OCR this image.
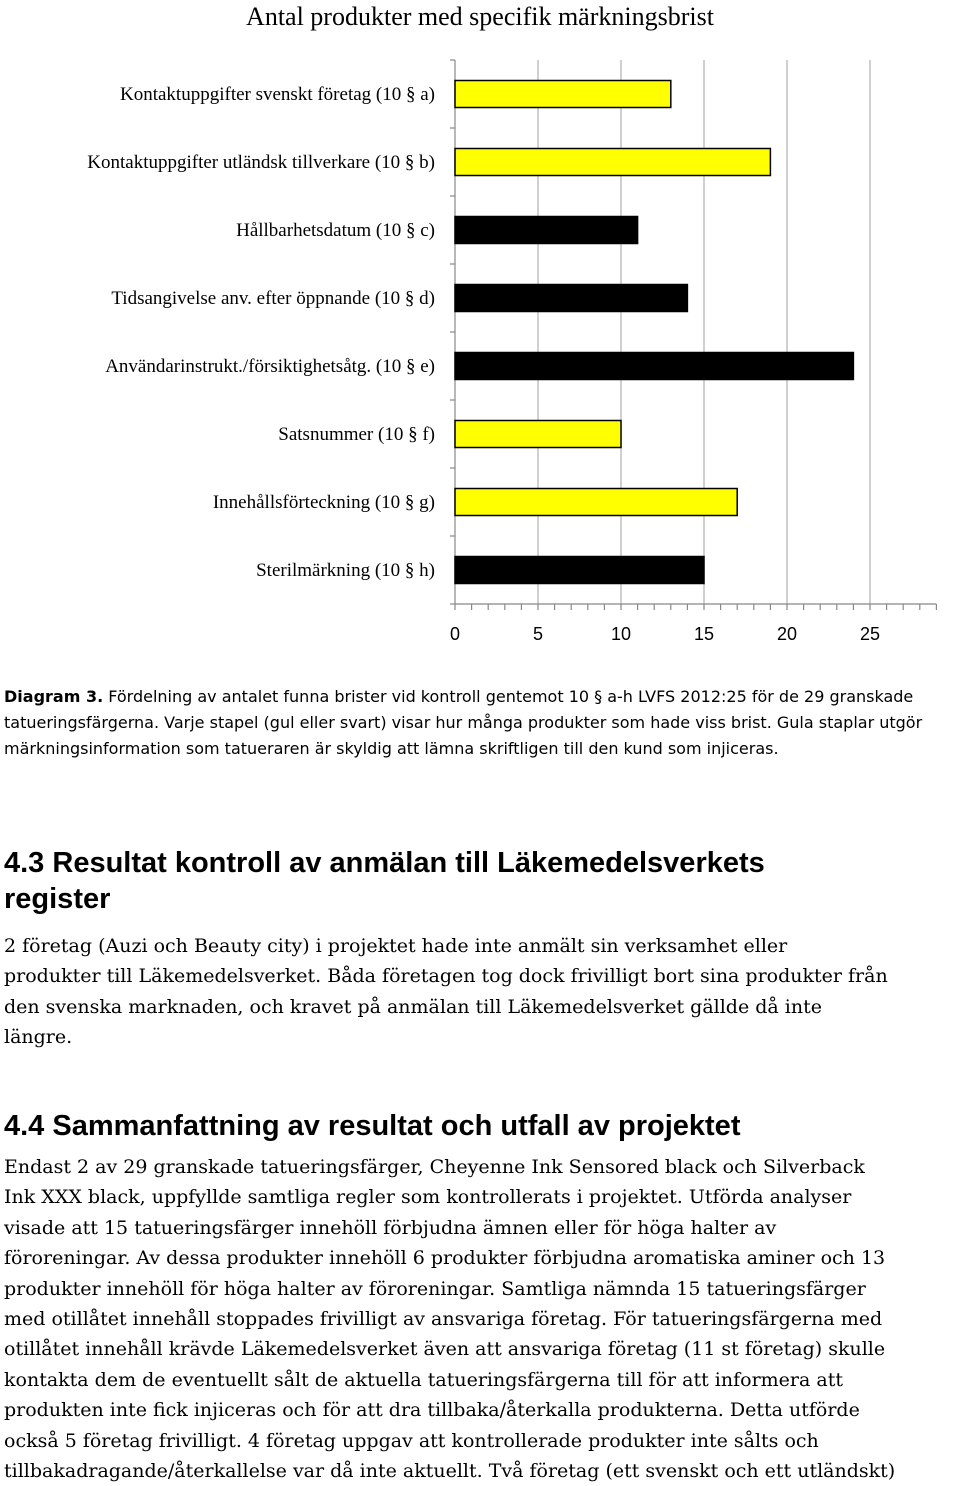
Antal produkter med specifik märkningsbrist
Kontaktuppgifter svenskt företag (10 § a)
Kontaktuppgifter utländsk tillverkare (10 § b)
Hållbarhetsdatum (10 § c)
Tidsangivelse anv. efter öppnande (10 § d)
Användarinstrukt./försiktighetsåtg. (10 § e)
Satsnummer (10 § f)
Innehållsförteckning (10 § g)
Sterilmärkning (10 § h)
0	5	10	15	20	25
Diagram 3. Fördelning av antalet funna brister vid kontroll gentemot 10 § a-h LVFS 2012:25 för de 29 granskade tatueringsfärgerna. Varje stapel (gul eller svart) visar hur många produkter som hade viss brist. Gula staplar utgör märkningsinformation som tatueraren är skyldig att lämna skriftligen till den kund som injiceras.

4.3 Resultat kontroll av anmälan till Läkemedelsverkets
register

2 företag (Auzi och Beauty city) i projektet hade inte anmält sin verksamhet eller

produkter till Läkemedelsverket. Båda företagen tog dock frivilligt bort sina produkter från

den svenska marknaden, och kravet på anmälan till Läkemedelsverket gällde då inte

längre.

4.4 Sammanfattning av resultat och utfall av projektet

Endast 2 av 29 granskade tatueringsfärger, Cheyenne Ink Sensored black och Silverback

Ink XXX black, uppfyllde samtliga regler som kontrollerats i projektet. Utförda analyser

visade att 15 tatueringsfärger innehöll förbjudna ämnen eller för höga halter av

föroreningar. Av dessa produkter innehöll 6 produkter förbjudna aromatiska aminer och 13

produkter innehöll för höga halter av föroreningar. Samtliga nämnda 15 tatueringsfärger

med otillåtet innehåll stoppades frivilligt av ansvariga företag. För tatueringsfärgerna med

otillåtet innehåll krävde Läkemedelsverket även att ansvariga företag (11 st företag) skulle

kontakta dem de eventuellt sålt de aktuella tatueringsfärgerna till för att informera att

produkten inte fick injiceras och för att dra tillbaka/återkalla produkterna. Detta utförde

också 5 företag frivilligt. 4 företag uppgav att kontrollerade produkter inte sålts och

tillbakadragande/återkallelse var då inte aktuellt. Två företag (ett svenskt och ett utländskt)
